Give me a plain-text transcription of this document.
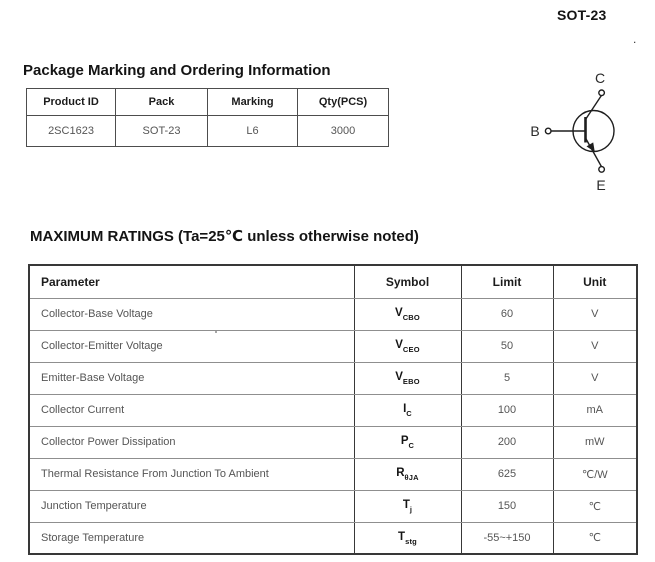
SOT-23
.
Package Marking and Ordering Information
Product ID	Pack	Marking	Qty(PCS)
2SC1623	SOT-23	L6	3000
C
B
E
MAXIMUM RATINGS (Ta=25℃ unless otherwise noted)
Parameter	Symbol	Limit	Unit
Collector-Base Voltage	$V_{CBO}$	60	V
Collector-Emitter Voltage	$V_{CEO}$	50	V
Emitter-Base Voltage	$V_{EBO}$	5	V
Collector Current	$I_C$	100	mA
Collector Power Dissipation	$P_C$	200	mW
Thermal Resistance From Junction To Ambient	$R_{\theta JA}$	625	℃/W
Junction Temperature	$T_j$	150	℃
Storage Temperature	$T_{stg}$	-55~+150	℃
